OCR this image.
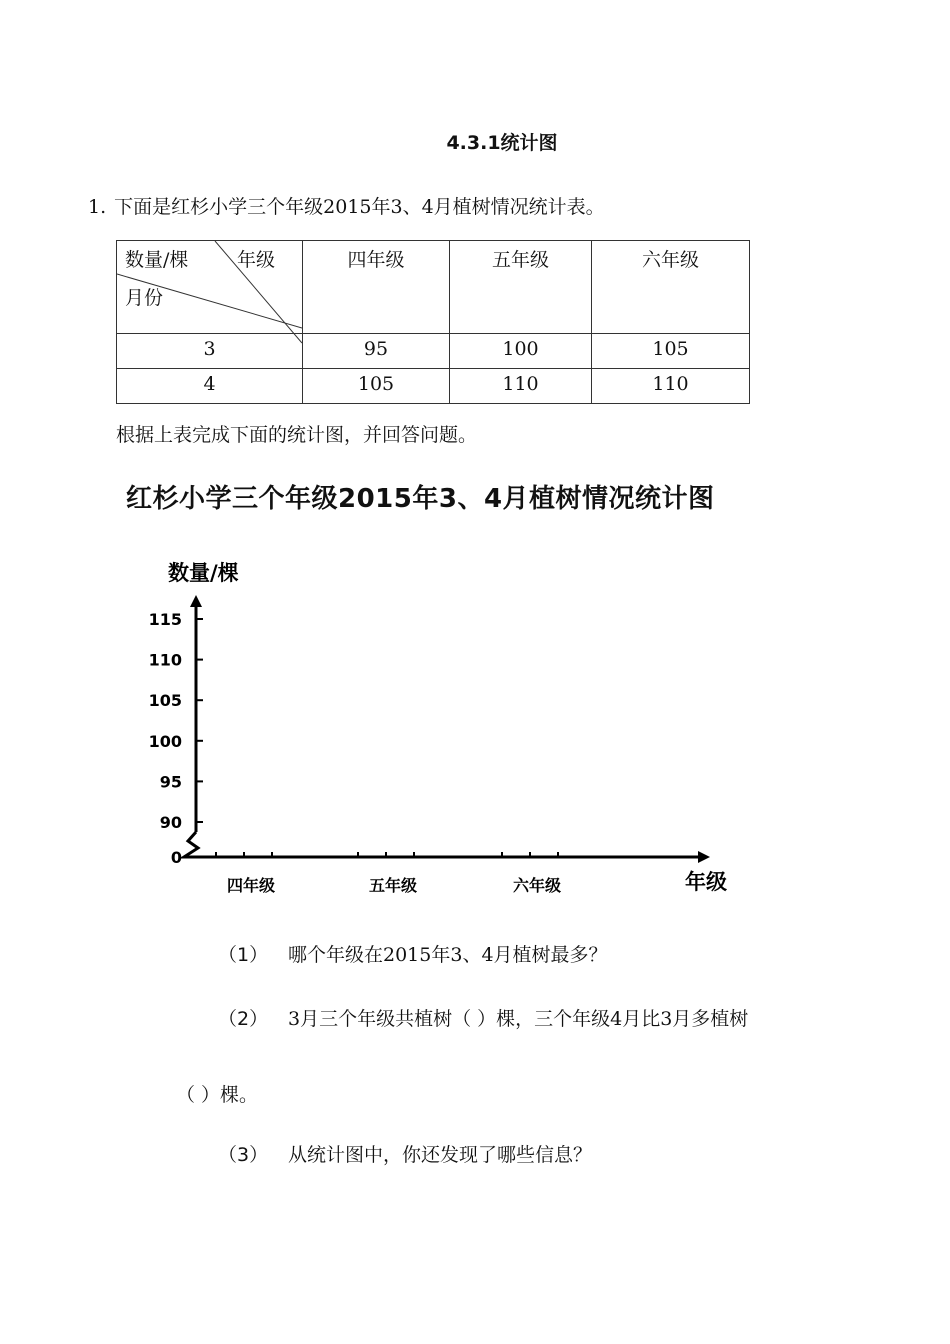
4.3.1统计图
1. 下面是红杉小学三个年级2015年3、4月植树情况统计表。
数量/棵 年级
月份	四年级	五年级	六年级
3	95	100	105
4	105	110	110
根据上表完成下面的统计图，并回答问题。
红杉小学三个年级2015年3、4月植树情况统计图
0
90
95
100
105
110
115
数量/棵
四年级	五年级	六年级	年级
（1） 哪个年级在2015年3、4月植树最多？
（2） 3月三个年级共植树（ ）棵，三个年级4月比3月多植树
（ ）棵。
（3） 从统计图中，你还发现了哪些信息？
